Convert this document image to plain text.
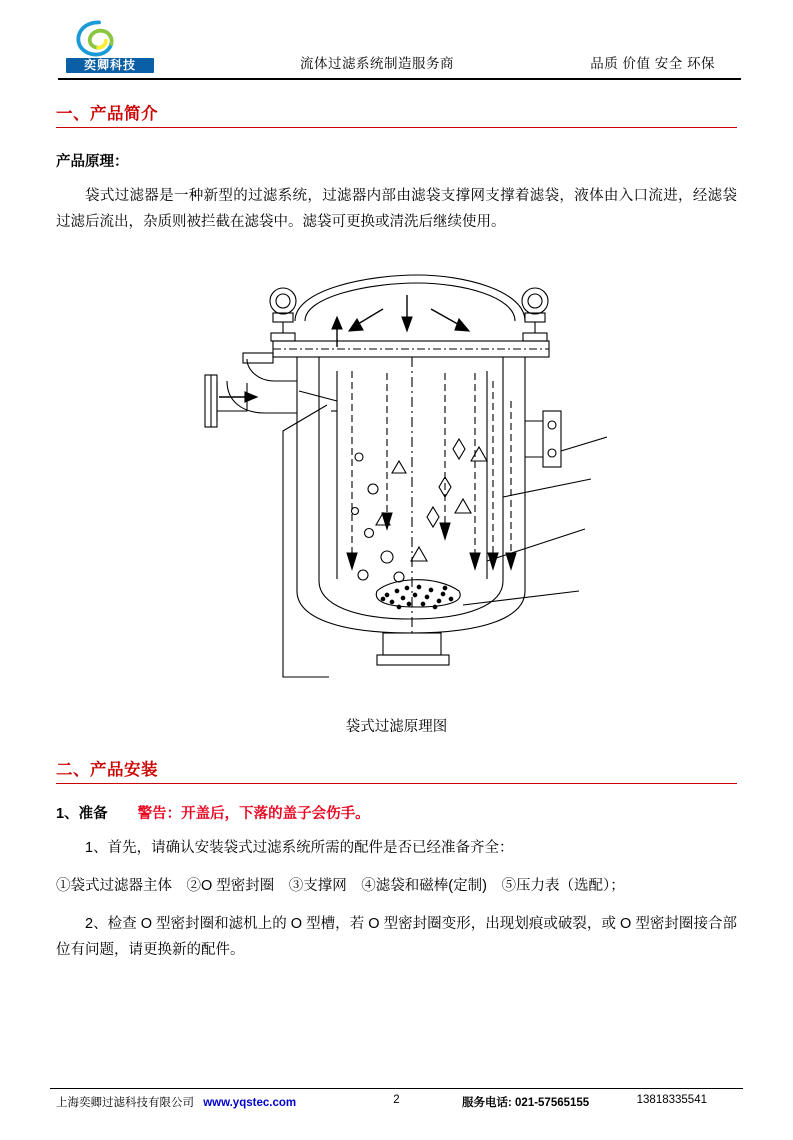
奕卿科技	流体过滤系统制造服务商	品质 价值 安全 环保
一、产品简介
产品原理：

袋式过滤器是一种新型的过滤系统，过滤器内部由滤袋支撑网支撑着滤袋，液体由入口流进，经滤袋过滤后流出，杂质则被拦截在滤袋中。滤袋可更换或清洗后继续使用。

袋式过滤原理图
二、产品安装
1、准备 警告：开盖后，下落的盖子会伤手。

1、首先，请确认安装袋式过滤系统所需的配件是否已经准备齐全：

①袋式过滤器主体　②O 型密封圈　③支撑网　④滤袋和磁棒(定制)　⑤压力表（选配）；

2、检查 O 型密封圈和滤机上的 O 型槽，若 O 型密封圈变形，出现划痕或破裂，或 O 型密封圈接合部位有问题，请更换新的配件。

上海奕卿过滤科技有限公司 www.yqstec.com	2	服务电话: 021-57565155	13818335541
